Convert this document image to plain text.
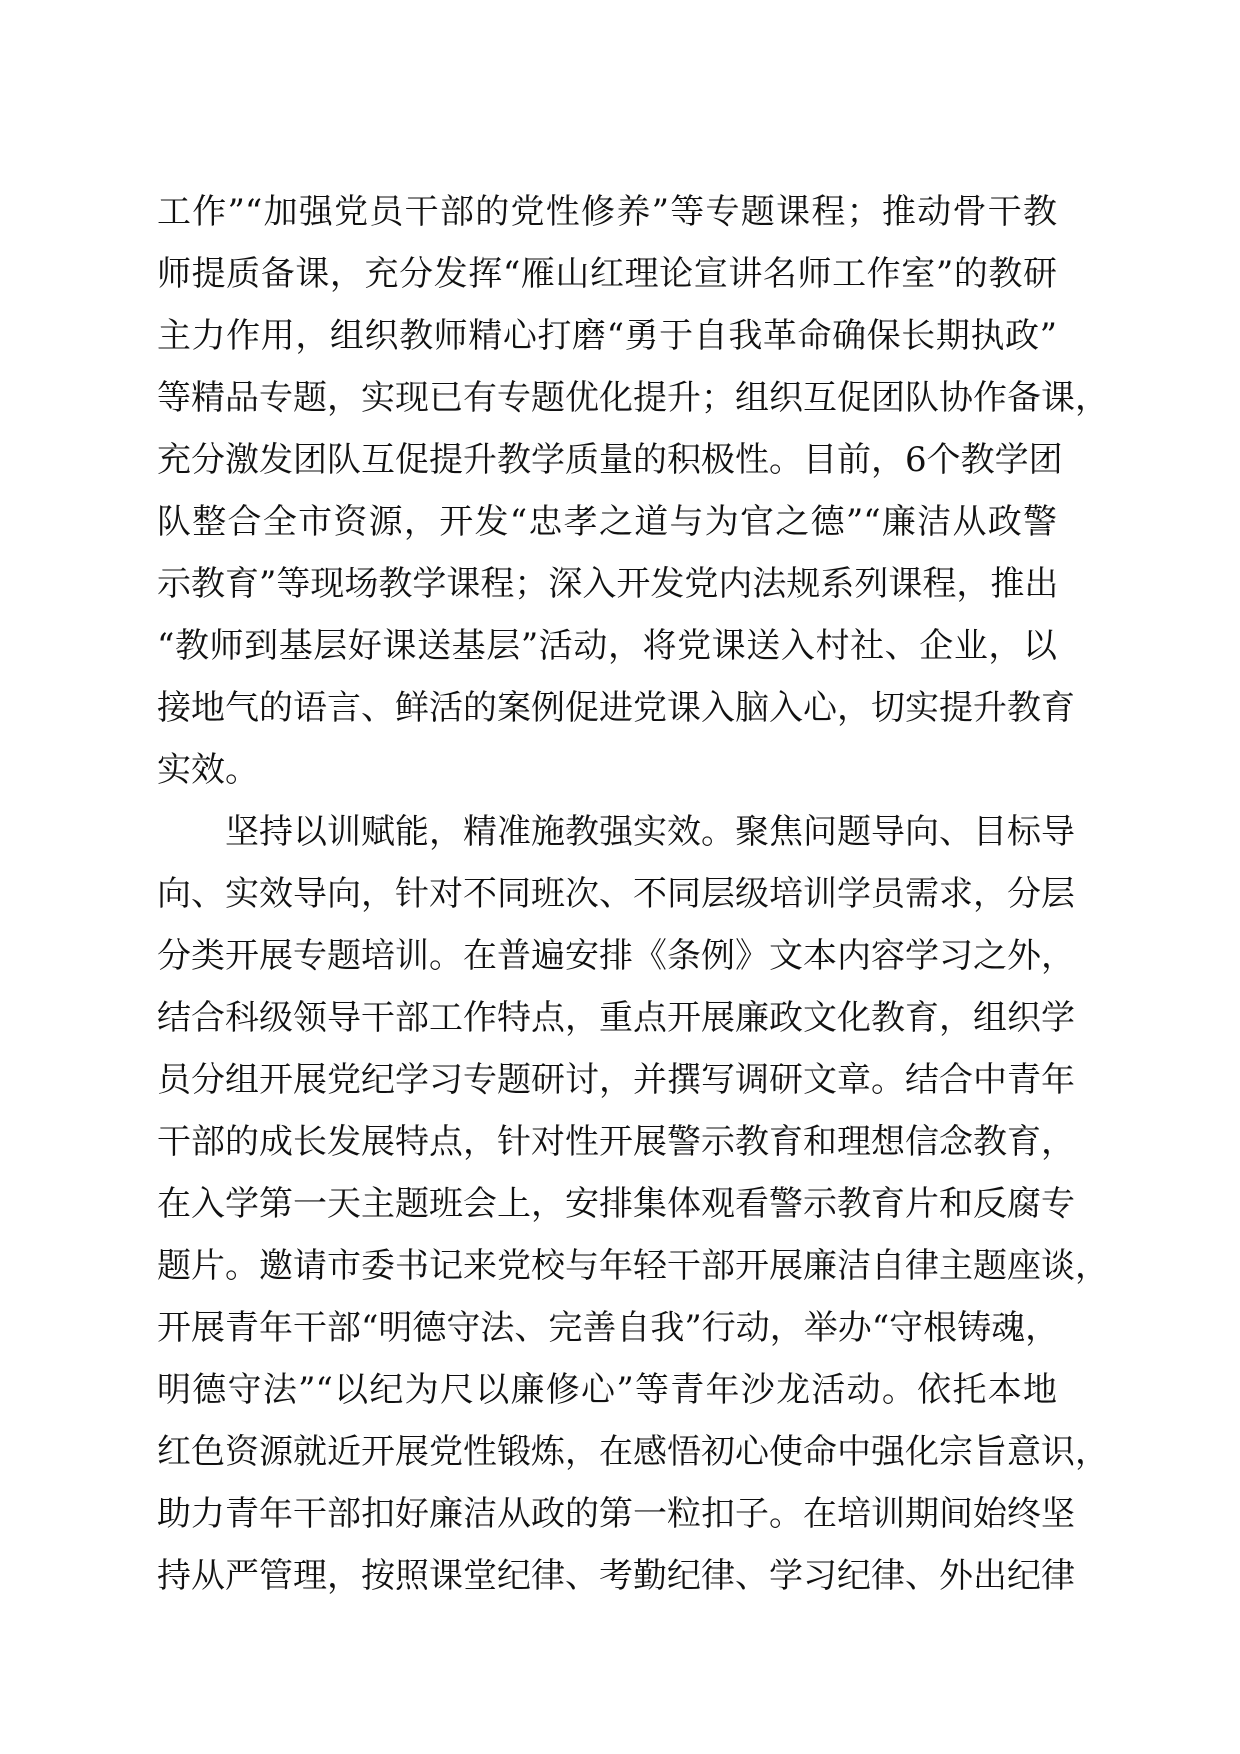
工作”“加强党员干部的党性修养”等专题课程；推动骨干教
师提质备课，充分发挥“雁山红理论宣讲名师工作室”的教研
主力作用，组织教师精心打磨“勇于自我革命确保长期执政”
等精品专题，实现已有专题优化提升；组织互促团队协作备课，
充分激发团队互促提升教学质量的积极性。目前，6个教学团
队整合全市资源，开发“忠孝之道与为官之德”“廉洁从政警
示教育”等现场教学课程；深入开发党内法规系列课程，推出
“教师到基层好课送基层”活动，将党课送入村社、企业，以
接地气的语言、鲜活的案例促进党课入脑入心，切实提升教育
实效。
坚持以训赋能，精准施教强实效。聚焦问题导向、目标导
向、实效导向，针对不同班次、不同层级培训学员需求，分层
分类开展专题培训。在普遍安排《条例》文本内容学习之外，
结合科级领导干部工作特点，重点开展廉政文化教育，组织学
员分组开展党纪学习专题研讨，并撰写调研文章。结合中青年
干部的成长发展特点，针对性开展警示教育和理想信念教育，
在入学第一天主题班会上，安排集体观看警示教育片和反腐专
题片。邀请市委书记来党校与年轻干部开展廉洁自律主题座谈，
开展青年干部“明德守法、完善自我”行动，举办“守根铸魂，
明德守法”“以纪为尺以廉修心”等青年沙龙活动。依托本地
红色资源就近开展党性锻炼，在感悟初心使命中强化宗旨意识，
助力青年干部扣好廉洁从政的第一粒扣子。在培训期间始终坚
持从严管理，按照课堂纪律、考勤纪律、学习纪律、外出纪律
